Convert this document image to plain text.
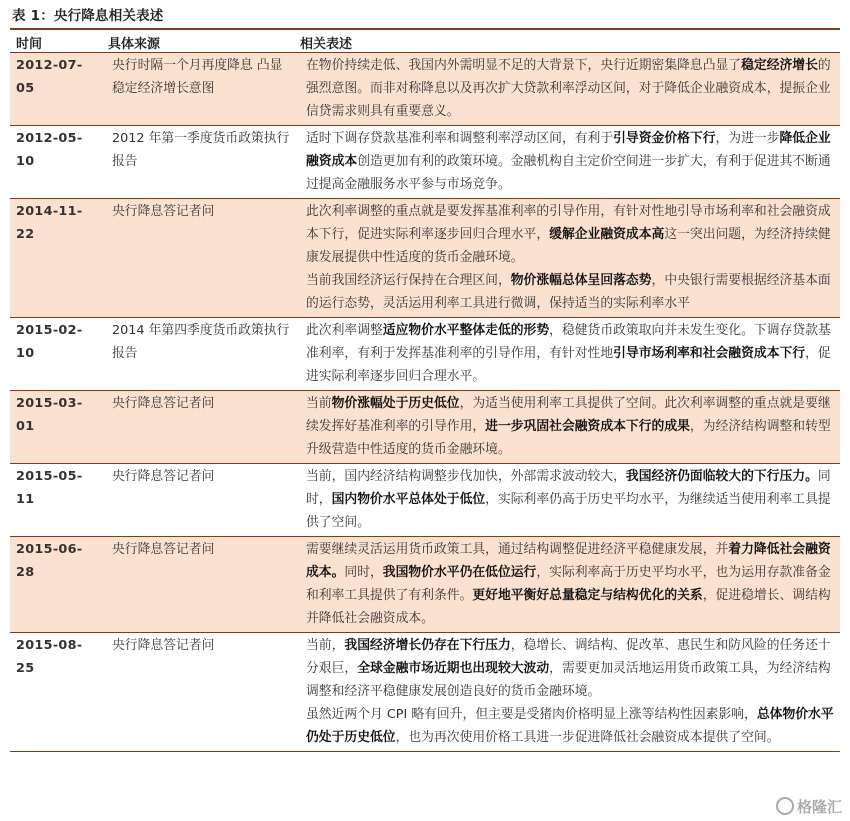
表 1：央行降息相关表述
时间	具体来源	相关表述
2012-07-05	央行时隔一个月再度降息 凸显稳定经济增长意图	在物价持续走低、我国内外需明显不足的大背景下，央行近期密集降息凸显了稳定经济增长的强烈意图。而非对称降息以及再次扩大贷款利率浮动区间，对于降低企业融资成本，提振企业信贷需求则具有重要意义。
2012-05-10	2012 年第一季度货币政策执行报告	适时下调存贷款基准利率和调整利率浮动区间，有利于引导资金价格下行，为进一步降低企业融资成本创造更加有利的政策环境。金融机构自主定价空间进一步扩大，有利于促进其不断通过提高金融服务水平参与市场竞争。
2014-11-22	央行降息答记者问	此次利率调整的重点就是要发挥基准利率的引导作用，有针对性地引导市场利率和社会融资成本下行，促进实际利率逐步回归合理水平，缓解企业融资成本高这一突出问题，为经济持续健康发展提供中性适度的货币金融环境。
当前我国经济运行保持在合理区间，物价涨幅总体呈回落态势，中央银行需要根据经济基本面的运行态势，灵活运用利率工具进行微调，保持适当的实际利率水平
2015-02-10	2014 年第四季度货币政策执行报告	此次利率调整适应物价水平整体走低的形势，稳健货币政策取向并未发生变化。下调存贷款基准利率，有利于发挥基准利率的引导作用，有针对性地引导市场利率和社会融资成本下行，促进实际利率逐步回归合理水平。
2015-03-01	央行降息答记者问	当前物价涨幅处于历史低位，为适当使用利率工具提供了空间。此次利率调整的重点就是要继续发挥好基准利率的引导作用，进一步巩固社会融资成本下行的成果，为经济结构调整和转型升级营造中性适度的货币金融环境。
2015-05-11	央行降息答记者问	当前，国内经济结构调整步伐加快，外部需求波动较大，我国经济仍面临较大的下行压力。同时，国内物价水平总体处于低位，实际利率仍高于历史平均水平，为继续适当使用利率工具提供了空间。
2015-06-28	央行降息答记者问	需要继续灵活运用货币政策工具，通过结构调整促进经济平稳健康发展，并着力降低社会融资成本。同时，我国物价水平仍在低位运行，实际利率高于历史平均水平，也为运用存款准备金和利率工具提供了有利条件。更好地平衡好总量稳定与结构优化的关系，促进稳增长、调结构并降低社会融资成本。
2015-08-25	央行降息答记者问	当前，我国经济增长仍存在下行压力，稳增长、调结构、促改革、惠民生和防风险的任务还十分艰巨，全球金融市场近期也出现较大波动，需要更加灵活地运用货币政策工具，为经济结构调整和经济平稳健康发展创造良好的货币金融环境。
虽然近两个月 CPI 略有回升，但主要是受猪肉价格明显上涨等结构性因素影响，总体物价水平仍处于历史低位，也为再次使用价格工具进一步促进降低社会融资成本提供了空间。
格隆汇
